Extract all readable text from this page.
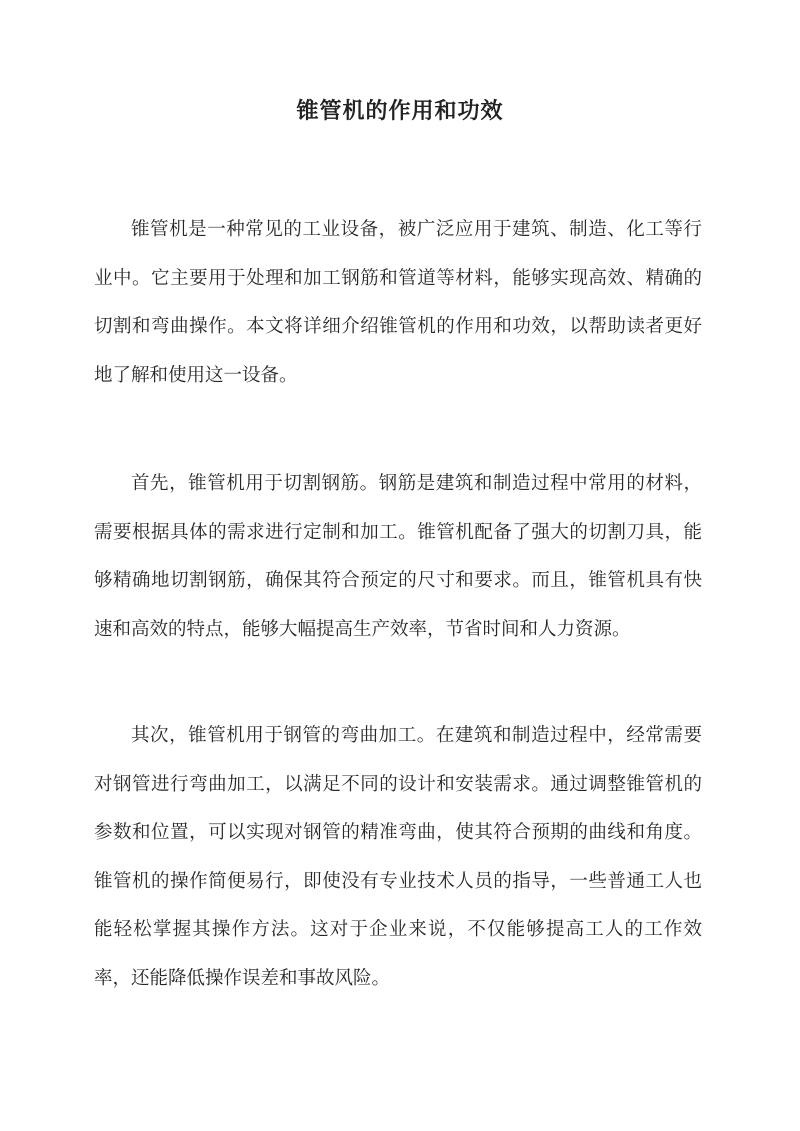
锥管机的作用和功效

锥管机是一种常见的工业设备，被广泛应用于建筑、制造、化工等行业中。它主要用于处理和加工钢筋和管道等材料，能够实现高效、精确的切割和弯曲操作。本文将详细介绍锥管机的作用和功效，以帮助读者更好地了解和使用这一设备。

首先，锥管机用于切割钢筋。钢筋是建筑和制造过程中常用的材料，需要根据具体的需求进行定制和加工。锥管机配备了强大的切割刀具，能够精确地切割钢筋，确保其符合预定的尺寸和要求。而且，锥管机具有快速和高效的特点，能够大幅提高生产效率，节省时间和人力资源。

其次，锥管机用于钢管的弯曲加工。在建筑和制造过程中，经常需要对钢管进行弯曲加工，以满足不同的设计和安装需求。通过调整锥管机的参数和位置，可以实现对钢管的精准弯曲，使其符合预期的曲线和角度。锥管机的操作简便易行，即使没有专业技术人员的指导，一些普通工人也能轻松掌握其操作方法。这对于企业来说，不仅能够提高工人的工作效率，还能降低操作误差和事故风险。
